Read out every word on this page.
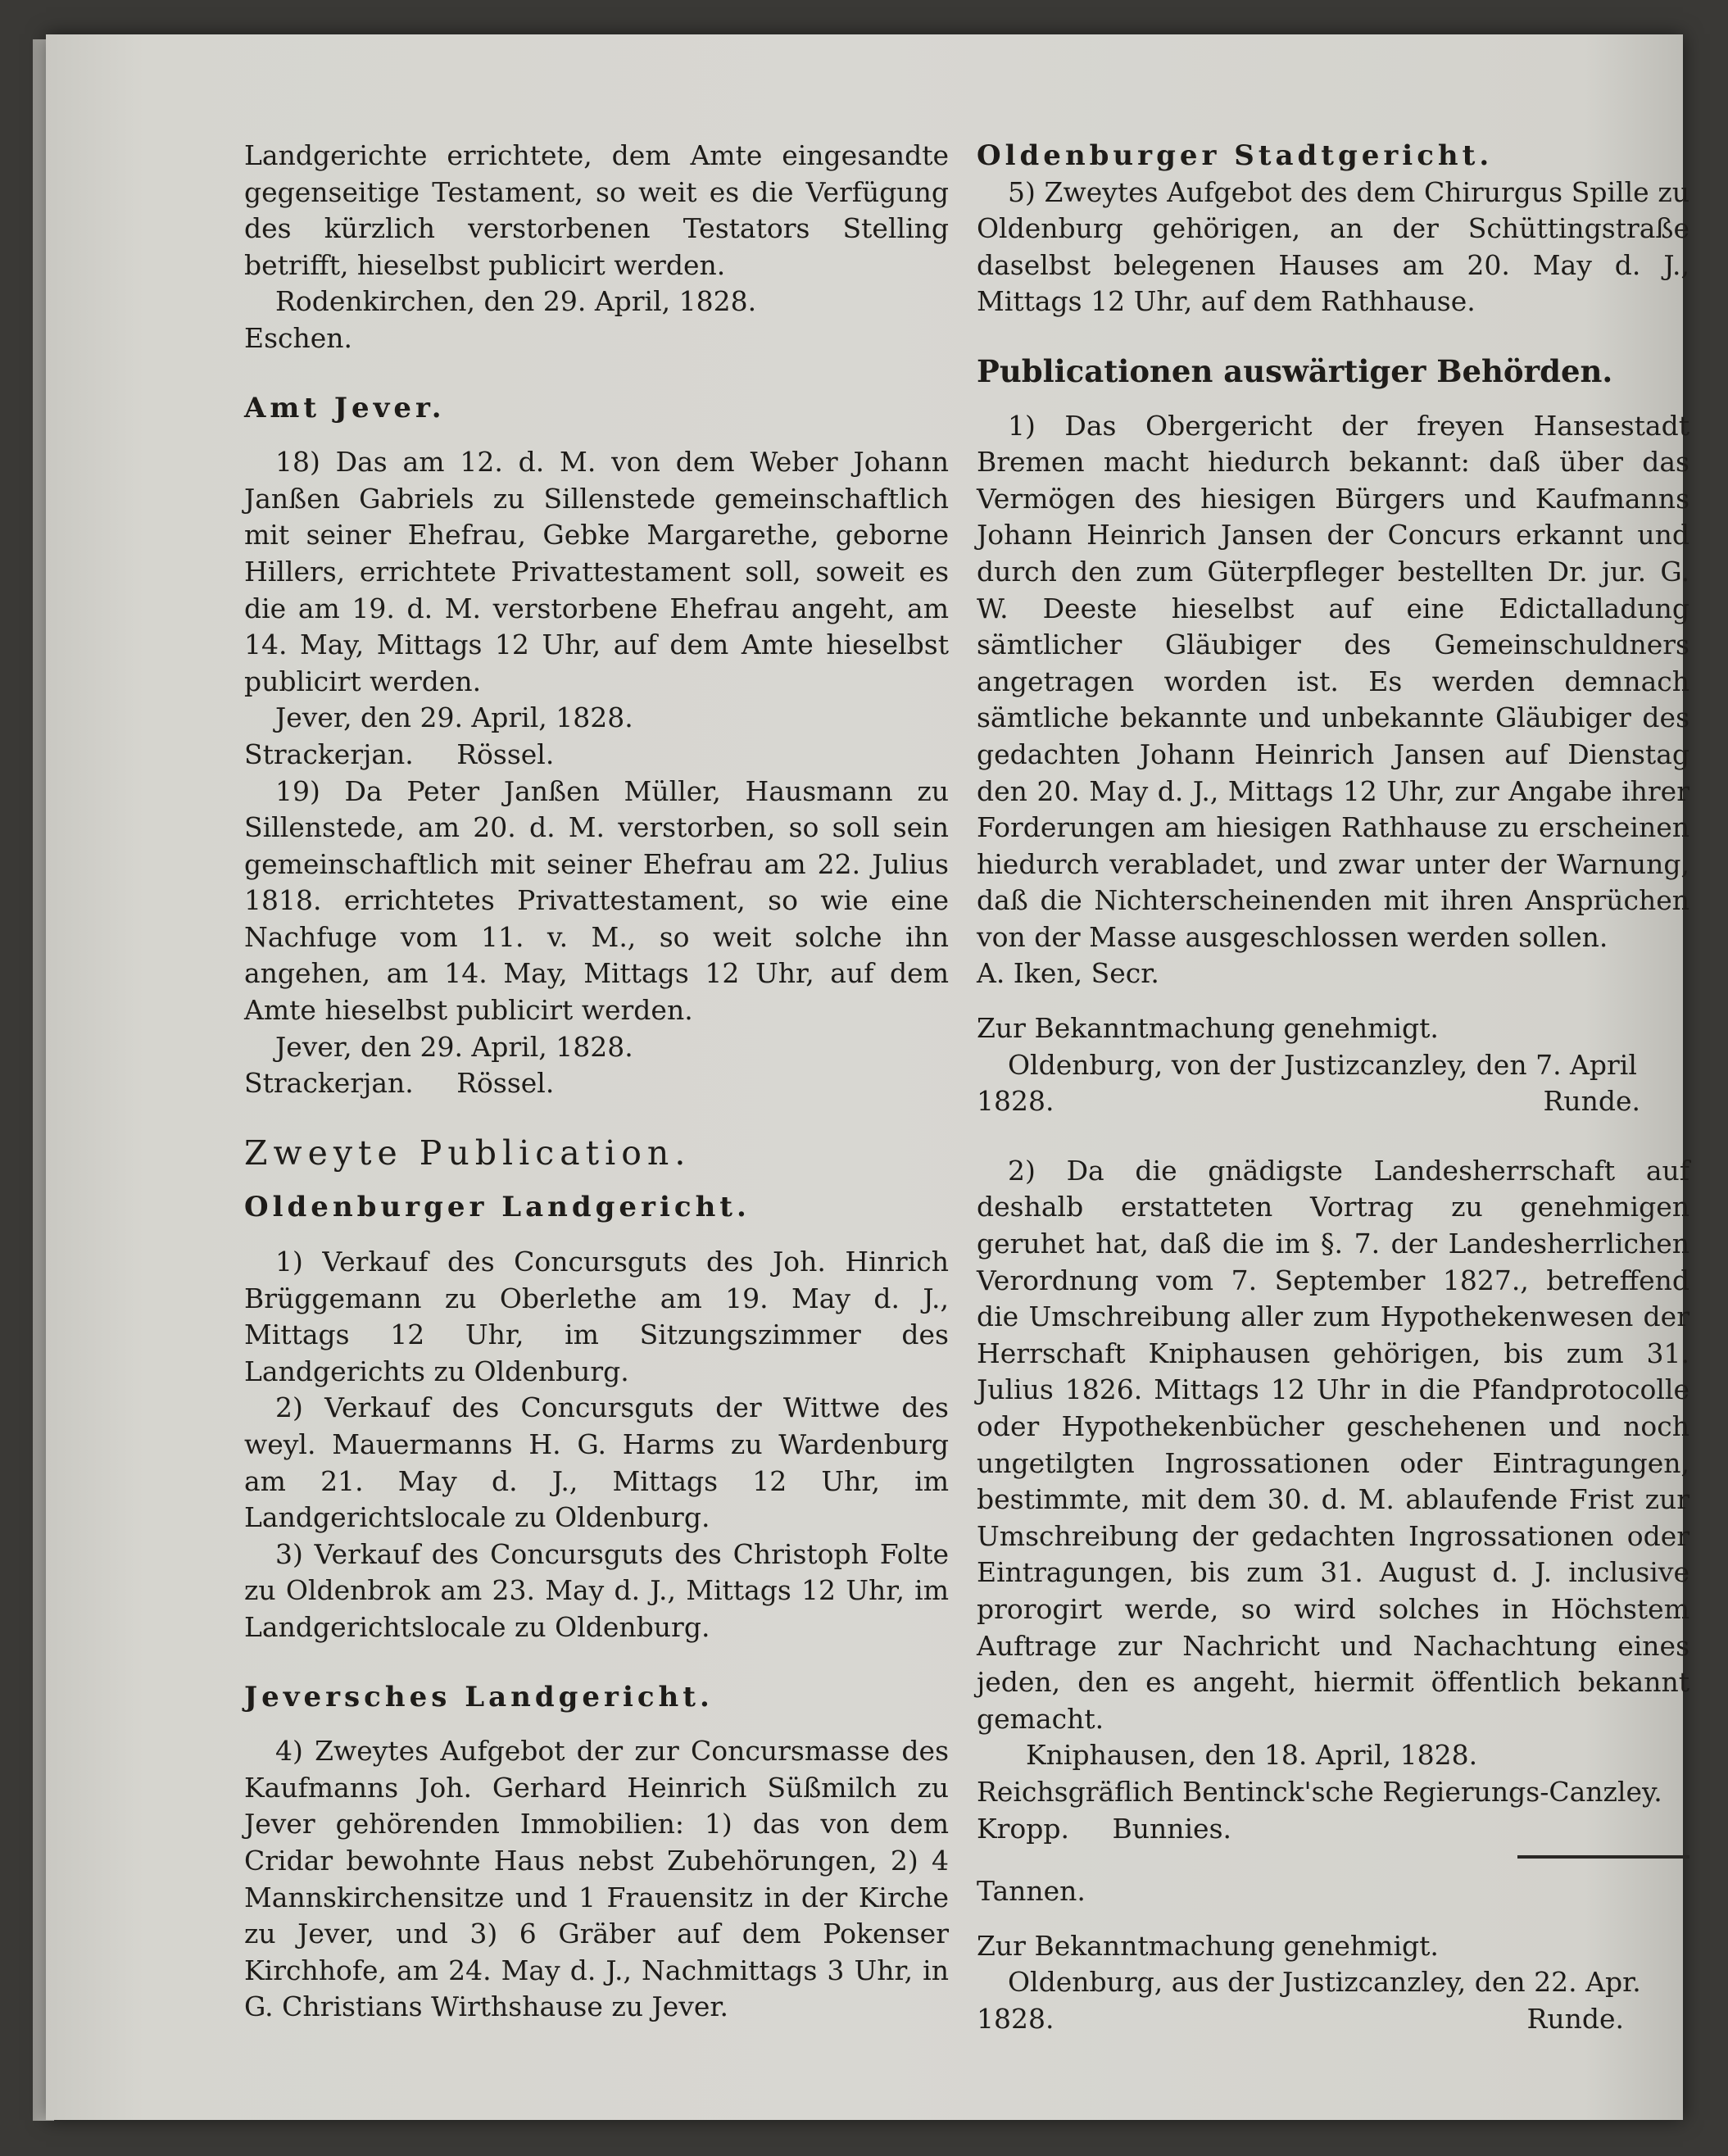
Landgerichte errichtete, dem Amte eingesandte gegenseitige Testament, so weit es die Verfügung des kürzlich verstorbenen Testators Stelling betrifft, hieselbst publicirt werden.

Rodenkirchen, den 29. April, 1828.

Eschen.

Amt Jever.

18) Das am 12. d. M. von dem Weber Johann Janßen Gabriels zu Sillenstede gemeinschaftlich mit seiner Ehefrau, Gebke Margarethe, geborne Hillers, errichtete Privattestament soll, soweit es die am 19. d. M. verstorbene Ehefrau angeht, am 14. May, Mittags 12 Uhr, auf dem Amte hieselbst publicirt werden.

Jever, den 29. April, 1828.

Strackerjan.     Rössel.

19) Da Peter Janßen Müller, Hausmann zu Sillenstede, am 20. d. M. verstorben, so soll sein gemeinschaftlich mit seiner Ehefrau am 22. Julius 1818. errichtetes Privattestament, so wie eine Nachfuge vom 11. v. M., so weit solche ihn angehen, am 14. May, Mittags 12 Uhr, auf dem Amte hieselbst publicirt werden.

Jever, den 29. April, 1828.

Strackerjan.     Rössel.

Zweyte Publication.

Oldenburger Landgericht.

1) Verkauf des Concursguts des Joh. Hinrich Brüggemann zu Oberlethe am 19. May d. J., Mittags 12 Uhr, im Sitzungszimmer des Landgerichts zu Oldenburg.

2) Verkauf des Concursguts der Wittwe des weyl. Mauermanns H. G. Harms zu Wardenburg am 21. May d. J., Mittags 12 Uhr, im Landgerichtslocale zu Oldenburg.

3) Verkauf des Concursguts des Christoph Folte zu Oldenbrok am 23. May d. J., Mittags 12 Uhr, im Landgerichtslocale zu Oldenburg.

Jeversches Landgericht.

4) Zweytes Aufgebot der zur Concursmasse des Kaufmanns Joh. Gerhard Heinrich Süßmilch zu Jever gehörenden Immobilien: 1) das von dem Cridar bewohnte Haus nebst Zubehörungen, 2) 4 Mannskirchensitze und 1 Frauensitz in der Kirche zu Jever, und 3) 6 Gräber auf dem Pokenser Kirchhofe, am 24. May d. J., Nachmittags 3 Uhr, in G. Christians Wirthshause zu Jever.

Oldenburger Stadtgericht.

5) Zweytes Aufgebot des dem Chirurgus Spille zu Oldenburg gehörigen, an der Schüttingstraße daselbst belegenen Hauses am 20. May d. J., Mittags 12 Uhr, auf dem Rathhause.

Publicationen auswärtiger Behörden.

1) Das Obergericht der freyen Hansestadt Bremen macht hiedurch bekannt: daß über das Vermögen des hiesigen Bürgers und Kaufmanns Johann Heinrich Jansen der Concurs erkannt und durch den zum Güterpfleger bestellten Dr. jur. G. W. Deeste hieselbst auf eine Edictalladung sämtlicher Gläubiger des Gemeinschuldners angetragen worden ist. Es werden demnach sämtliche bekannte und unbekannte Gläubiger des gedachten Johann Heinrich Jansen auf Dienstag den 20. May d. J., Mittags 12 Uhr, zur Angabe ihrer Forderungen am hiesigen Rathhause zu erscheinen hiedurch verabladet, und zwar unter der Warnung, daß die Nichterscheinenden mit ihren Ansprüchen von der Masse ausgeschlossen werden sollen.

A. Iken, Secr.

Zur Bekanntmachung genehmigt.

Oldenburg, von der Justizcanzley, den 7. April

1828.	Runde.

2) Da die gnädigste Landesherrschaft auf deshalb erstatteten Vortrag zu genehmigen geruhet hat, daß die im §. 7. der Landesherrlichen Verordnung vom 7. September 1827., betreffend die Umschreibung aller zum Hypothekenwesen der Herrschaft Kniphausen gehörigen, bis zum 31. Julius 1826. Mittags 12 Uhr in die Pfandprotocolle oder Hypothekenbücher geschehenen und noch ungetilgten Ingrossationen oder Eintragungen, bestimmte, mit dem 30. d. M. ablaufende Frist zur Umschreibung der gedachten Ingrossationen oder Eintragungen, bis zum 31. August d. J. inclusive prorogirt werde, so wird solches in Höchstem Auftrage zur Nachricht und Nachachtung eines jeden, den es angeht, hiermit öffentlich bekannt gemacht.

Kniphausen, den 18. April, 1828.

Reichsgräflich Bentinck'sche Regierungs-Canzley.

Kropp.     Bunnies.

Tannen.

Zur Bekanntmachung genehmigt.

Oldenburg, aus der Justizcanzley, den 22. Apr.

1828.	Runde.
